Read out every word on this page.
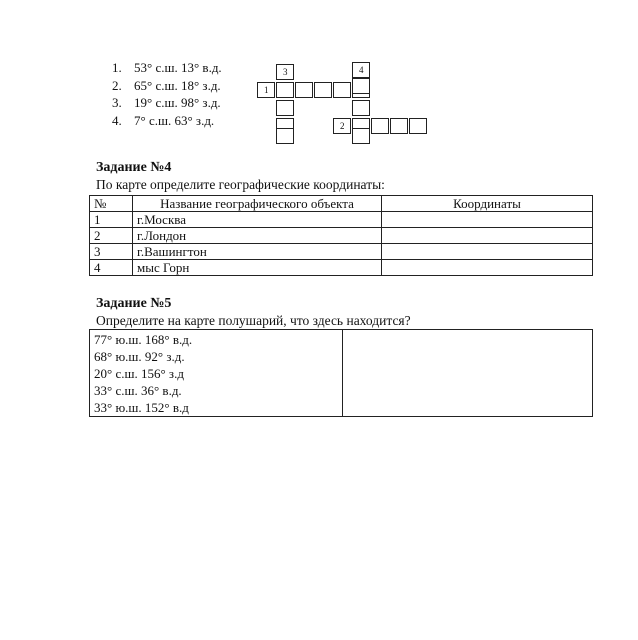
1. 53° с.ш. 13° в.д.
2. 65° с.ш. 18° з.д.
3. 19° с.ш. 98° з.д.
4. 7° с.ш. 63° з.д.
1
3	4
2
Задание №4
По карте определите географические координаты:
№	Название географического объекта	Координаты
1	г.Москва	
2	г.Лондон	
3	г.Вашингтон	
4	мыс Горн	
Задание №5
Определите на карте полушарий, что здесь находится?
77° ю.ш. 168° в.д.
68° ю.ш. 92° з.д.
20° с.ш. 156° з.д
33° с.ш. 36° в.д.
33° ю.ш. 152° в.д
